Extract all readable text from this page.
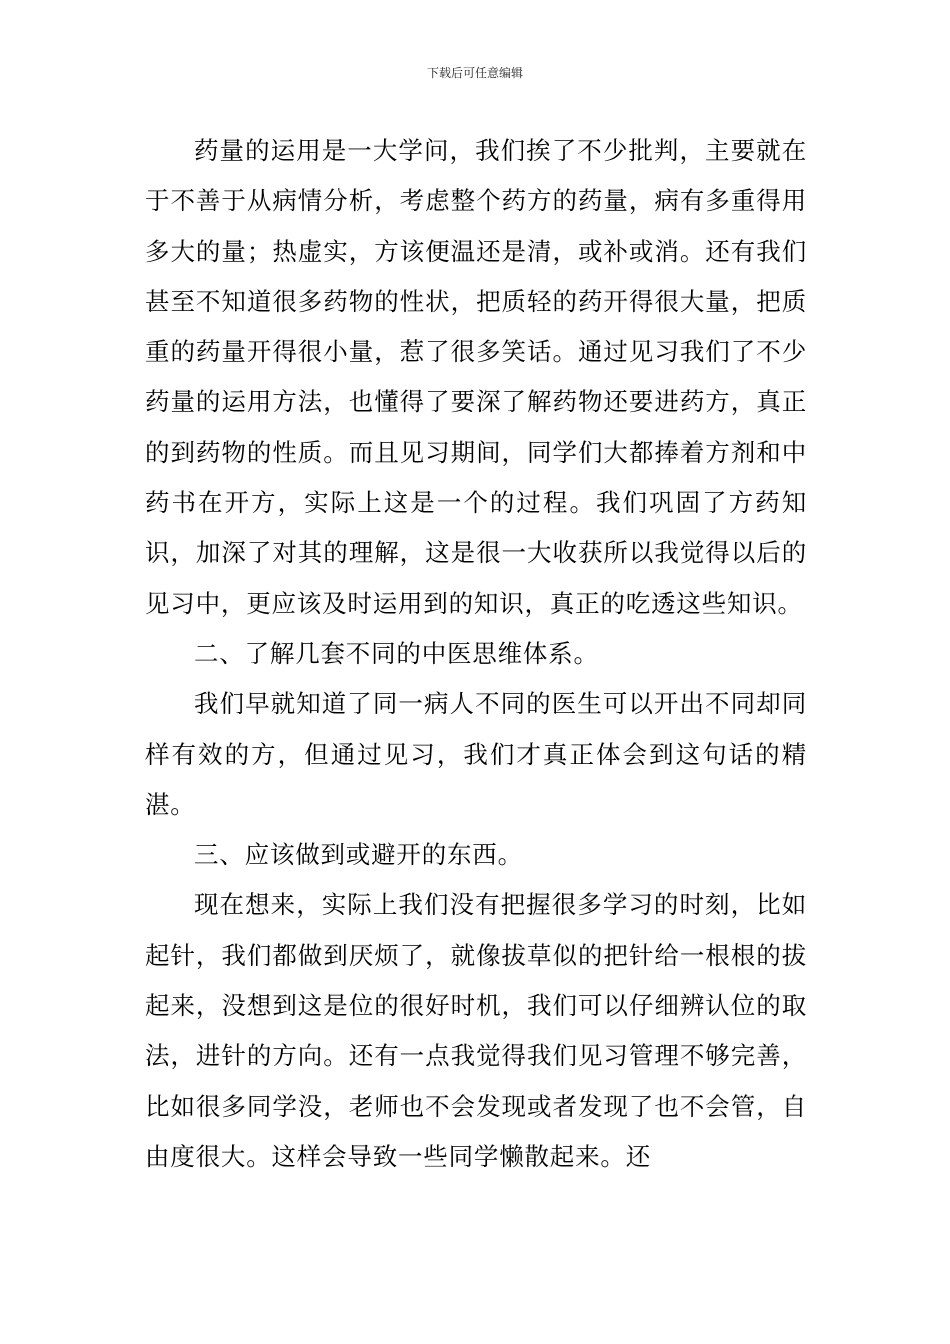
下载后可任意编辑

药量的运用是一大学问，我们挨了不少批判，主要就在于不善于从病情分析，考虑整个药方的药量，病有多重得用多大的量；热虚实，方该便温还是清，或补或消。还有我们甚至不知道很多药物的性状，把质轻的药开得很大量，把质重的药量开得很小量，惹了很多笑话。通过见习我们了不少药量的运用方法，也懂得了要深了解药物还要进药方，真正的到药物的性质。而且见习期间，同学们大都捧着方剂和中药书在开方，实际上这是一个的过程。我们巩固了方药知识，加深了对其的理解，这是很一大收获所以我觉得以后的见习中，更应该及时运用到的知识，真正的吃透这些知识。

二、了解几套不同的中医思维体系。

我们早就知道了同一病人不同的医生可以开出不同却同样有效的方，但通过见习，我们才真正体会到这句话的精湛。

三、应该做到或避开的东西。

现在想来，实际上我们没有把握很多学习的时刻，比如起针，我们都做到厌烦了，就像拔草似的把针给一根根的拔起来，没想到这是位的很好时机，我们可以仔细辨认位的取法，进针的方向。还有一点我觉得我们见习管理不够完善，比如很多同学没，老师也不会发现或者发现了也不会管，自由度很大。这样会导致一些同学懒散起来。还
